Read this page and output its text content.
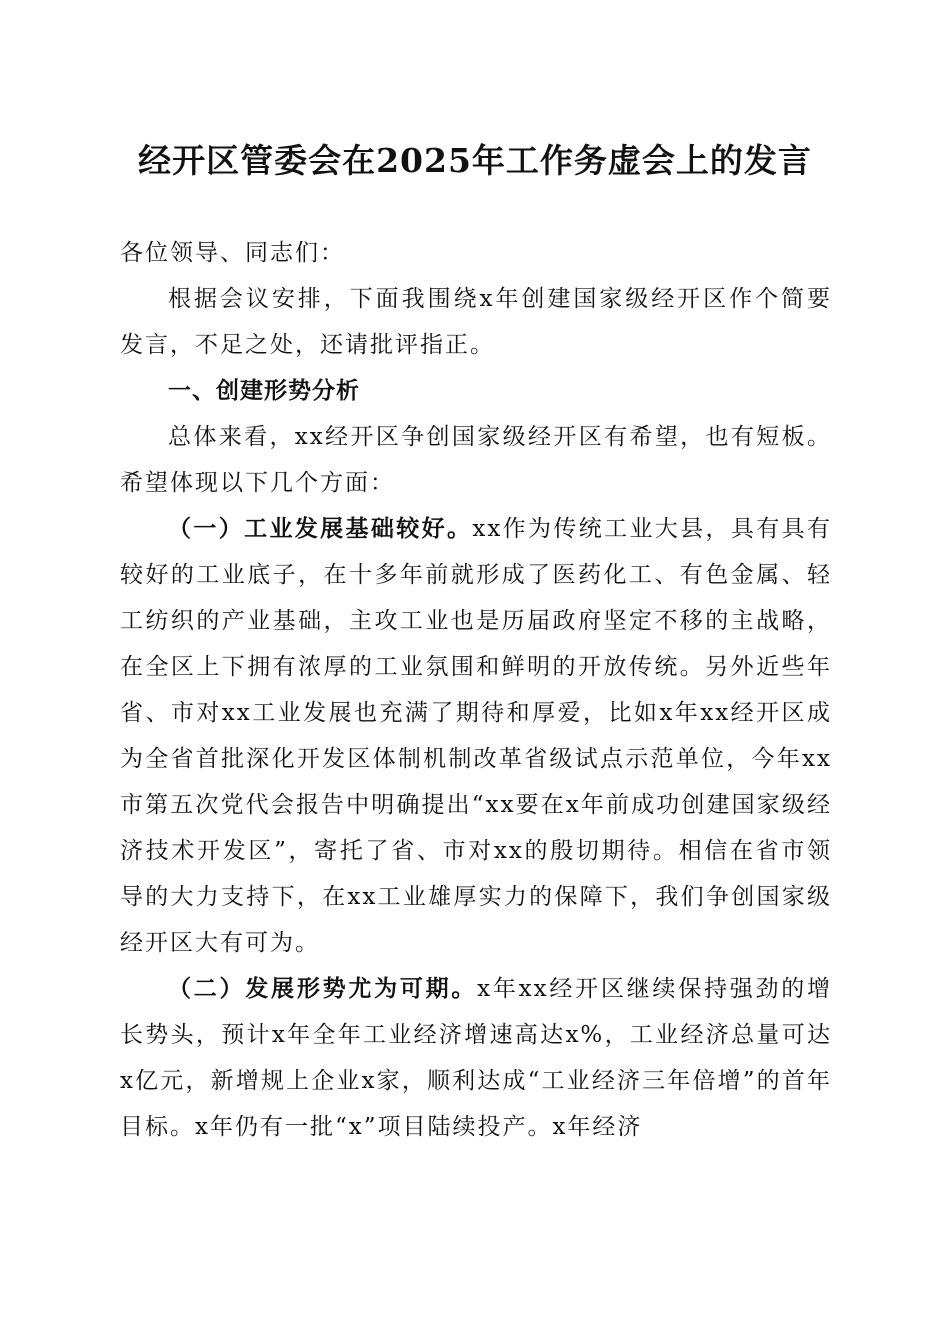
经开区管委会在2025年工作务虚会上的发言

各位领导、同志们：

根据会议安排，下面我围绕x年创建国家级经开区作个简要发言，不足之处，还请批评指正。

一、创建形势分析

总体来看，xx经开区争创国家级经开区有希望，也有短板。希望体现以下几个方面：

（一）工业发展基础较好。xx作为传统工业大县，具有具有较好的工业底子，在十多年前就形成了医药化工、有色金属、轻工纺织的产业基础，主攻工业也是历届政府坚定不移的主战略，在全区上下拥有浓厚的工业氛围和鲜明的开放传统。另外近些年省、市对xx工业发展也充满了期待和厚爱，比如x年xx经开区成为全省首批深化开发区体制机制改革省级试点示范单位，今年xx市第五次党代会报告中明确提出“xx要在x年前成功创建国家级经济技术开发区”，寄托了省、市对xx的殷切期待。相信在省市领导的大力支持下，在xx工业雄厚实力的保障下，我们争创国家级经开区大有可为。

（二）发展形势尤为可期。x年xx经开区继续保持强劲的增长势头，预计x年全年工业经济增速高达x%，工业经济总量可达x亿元，新增规上企业x家，顺利达成“工业经济三年倍增”的首年目标。x年仍有一批“x”项目陆续投产。x年经济
